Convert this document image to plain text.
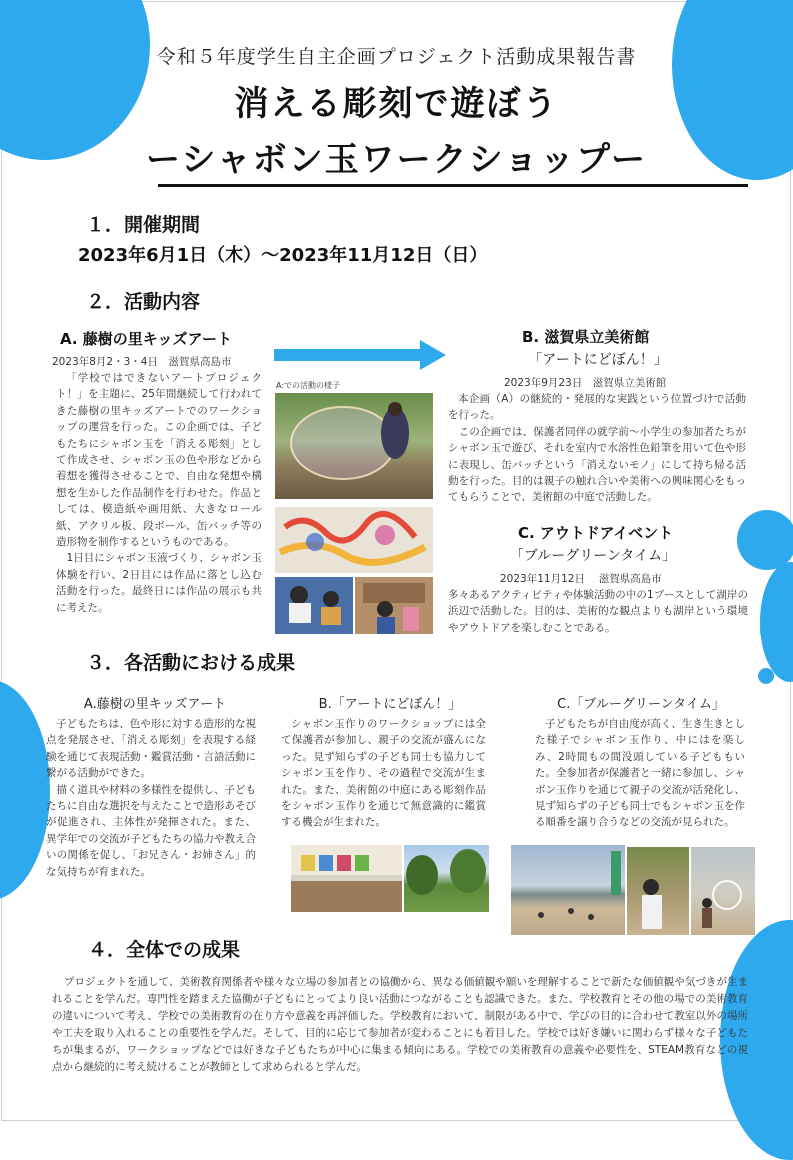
令和５年度学生自主企画プロジェクト活動成果報告書
消える彫刻で遊ぼう
ーシャボン玉ワークショップー
１．開催期間
2023年6月1日（木）～2023年11月12日（日）
２．活動内容
A. 藤樹の里キッズアート
2023年8月2・3・4日　滋賀県高島市
「学校ではできないアートプロジェクト！」を主題に、25年間継続して行われてきた藤樹の里キッズアートでのワークショップの運営を行った。この企画では、子どもたちにシャボン玉を「消える彫刻」として作成させ、シャボン玉の色や形などから着想を獲得させることで、自由な発想や構想を生かした作品制作を行わせた。作品としては、模造紙や画用紙、大きなロール紙、アクリル板、段ボール、缶バッチ等の造形物を制作するというものである。
　1日目にシャボン玉液づくり、シャボン玉体験を行い、2日目には作品に落とし込む活動を行った。最終日には作品の展示も共に考えた。
A:での活動の様子
B. 滋賀県立美術館
「アートにどぼん！」
2023年9月23日　滋賀県立美術館
本企画（A）の継続的・発展的な実践という位置づけで活動を行った。
　この企画では、保護者同伴の就学前～小学生の参加者たちがシャボン玉で遊び、それを室内で水溶性色鉛筆を用いて色や形に表現し、缶バッチという「消えないモノ」にして持ち帰る活動を行った。目的は親子の触れ合いや美術への興味関心をもってもらうことで、美術館の中庭で活動した。
C. アウトドアイベント
「ブルーグリーンタイム」
2023年11月12日　 滋賀県高島市
多々あるアクティビティや体験活動の中の1ブースとして湖岸の浜辺で活動した。目的は、美術的な観点よりも湖岸という環境やアウトドアを楽しむことである。
３．各活動における成果
A.藤樹の里キッズアート
子どもたちは、色や形に対する造形的な視点を発展させ、「消える彫刻」を表現する経験を通じて表現活動・鑑賞活動・言語活動に繋がる活動ができた。
　描く道具や材料の多様性を提供し、子どもたちに自由な選択を与えたことで造形あそびが促進され、主体性が発揮された。また、異学年での交流が子どもたちの協力や教え合いの関係を促し、「お兄さん・お姉さん」的な気持ちが育まれた。
B.「アートにどぼん！」
シャボン玉作りのワークショップには全て保護者が参加し、親子の交流が盛んになった。見ず知らずの子ども同士も協力してシャボン玉を作り、その過程で交流が生まれた。また、美術館の中庭にある彫刻作品をシャボン玉作りを通じて無意識的に鑑賞する機会が生まれた。
C.「ブルーグリーンタイム」
子どもたちが自由度が高く、生き生きとした様子でシャボン玉作り、中にはを楽しみ、2時間もの間没頭している子どももいた。全参加者が保護者と一緒に参加し、シャボン玉作りを通じて親子の交流が活発化し、見ず知らずの子ども同士でもシャボン玉を作る順番を譲り合うなどの交流が見られた。
４．全体での成果
プロジェクトを通して、美術教育関係者や様々な立場の参加者との協働から、異なる価値観や願いを理解することで新たな価値観や気づきが生まれることを学んだ。専門性を踏まえた協働が子どもにとってより良い活動につながることも認識できた。また、学校教育とその他の場での美術教育の違いについて考え、学校での美術教育の在り方や意義を再評価した。学校教育において、制限がある中で、学びの目的に合わせて教室以外の場所や工夫を取り入れることの重要性を学んだ。そして、目的に応じて参加者が変わることにも着目した。学校では好き嫌いに関わらず様々な子どもたちが集まるが、ワークショップなどでは好きな子どもたちが中心に集まる傾向にある。学校での美術教育の意義や必要性を、STEAM教育などの視点から継続的に考え続けることが教師として求められると学んだ。
